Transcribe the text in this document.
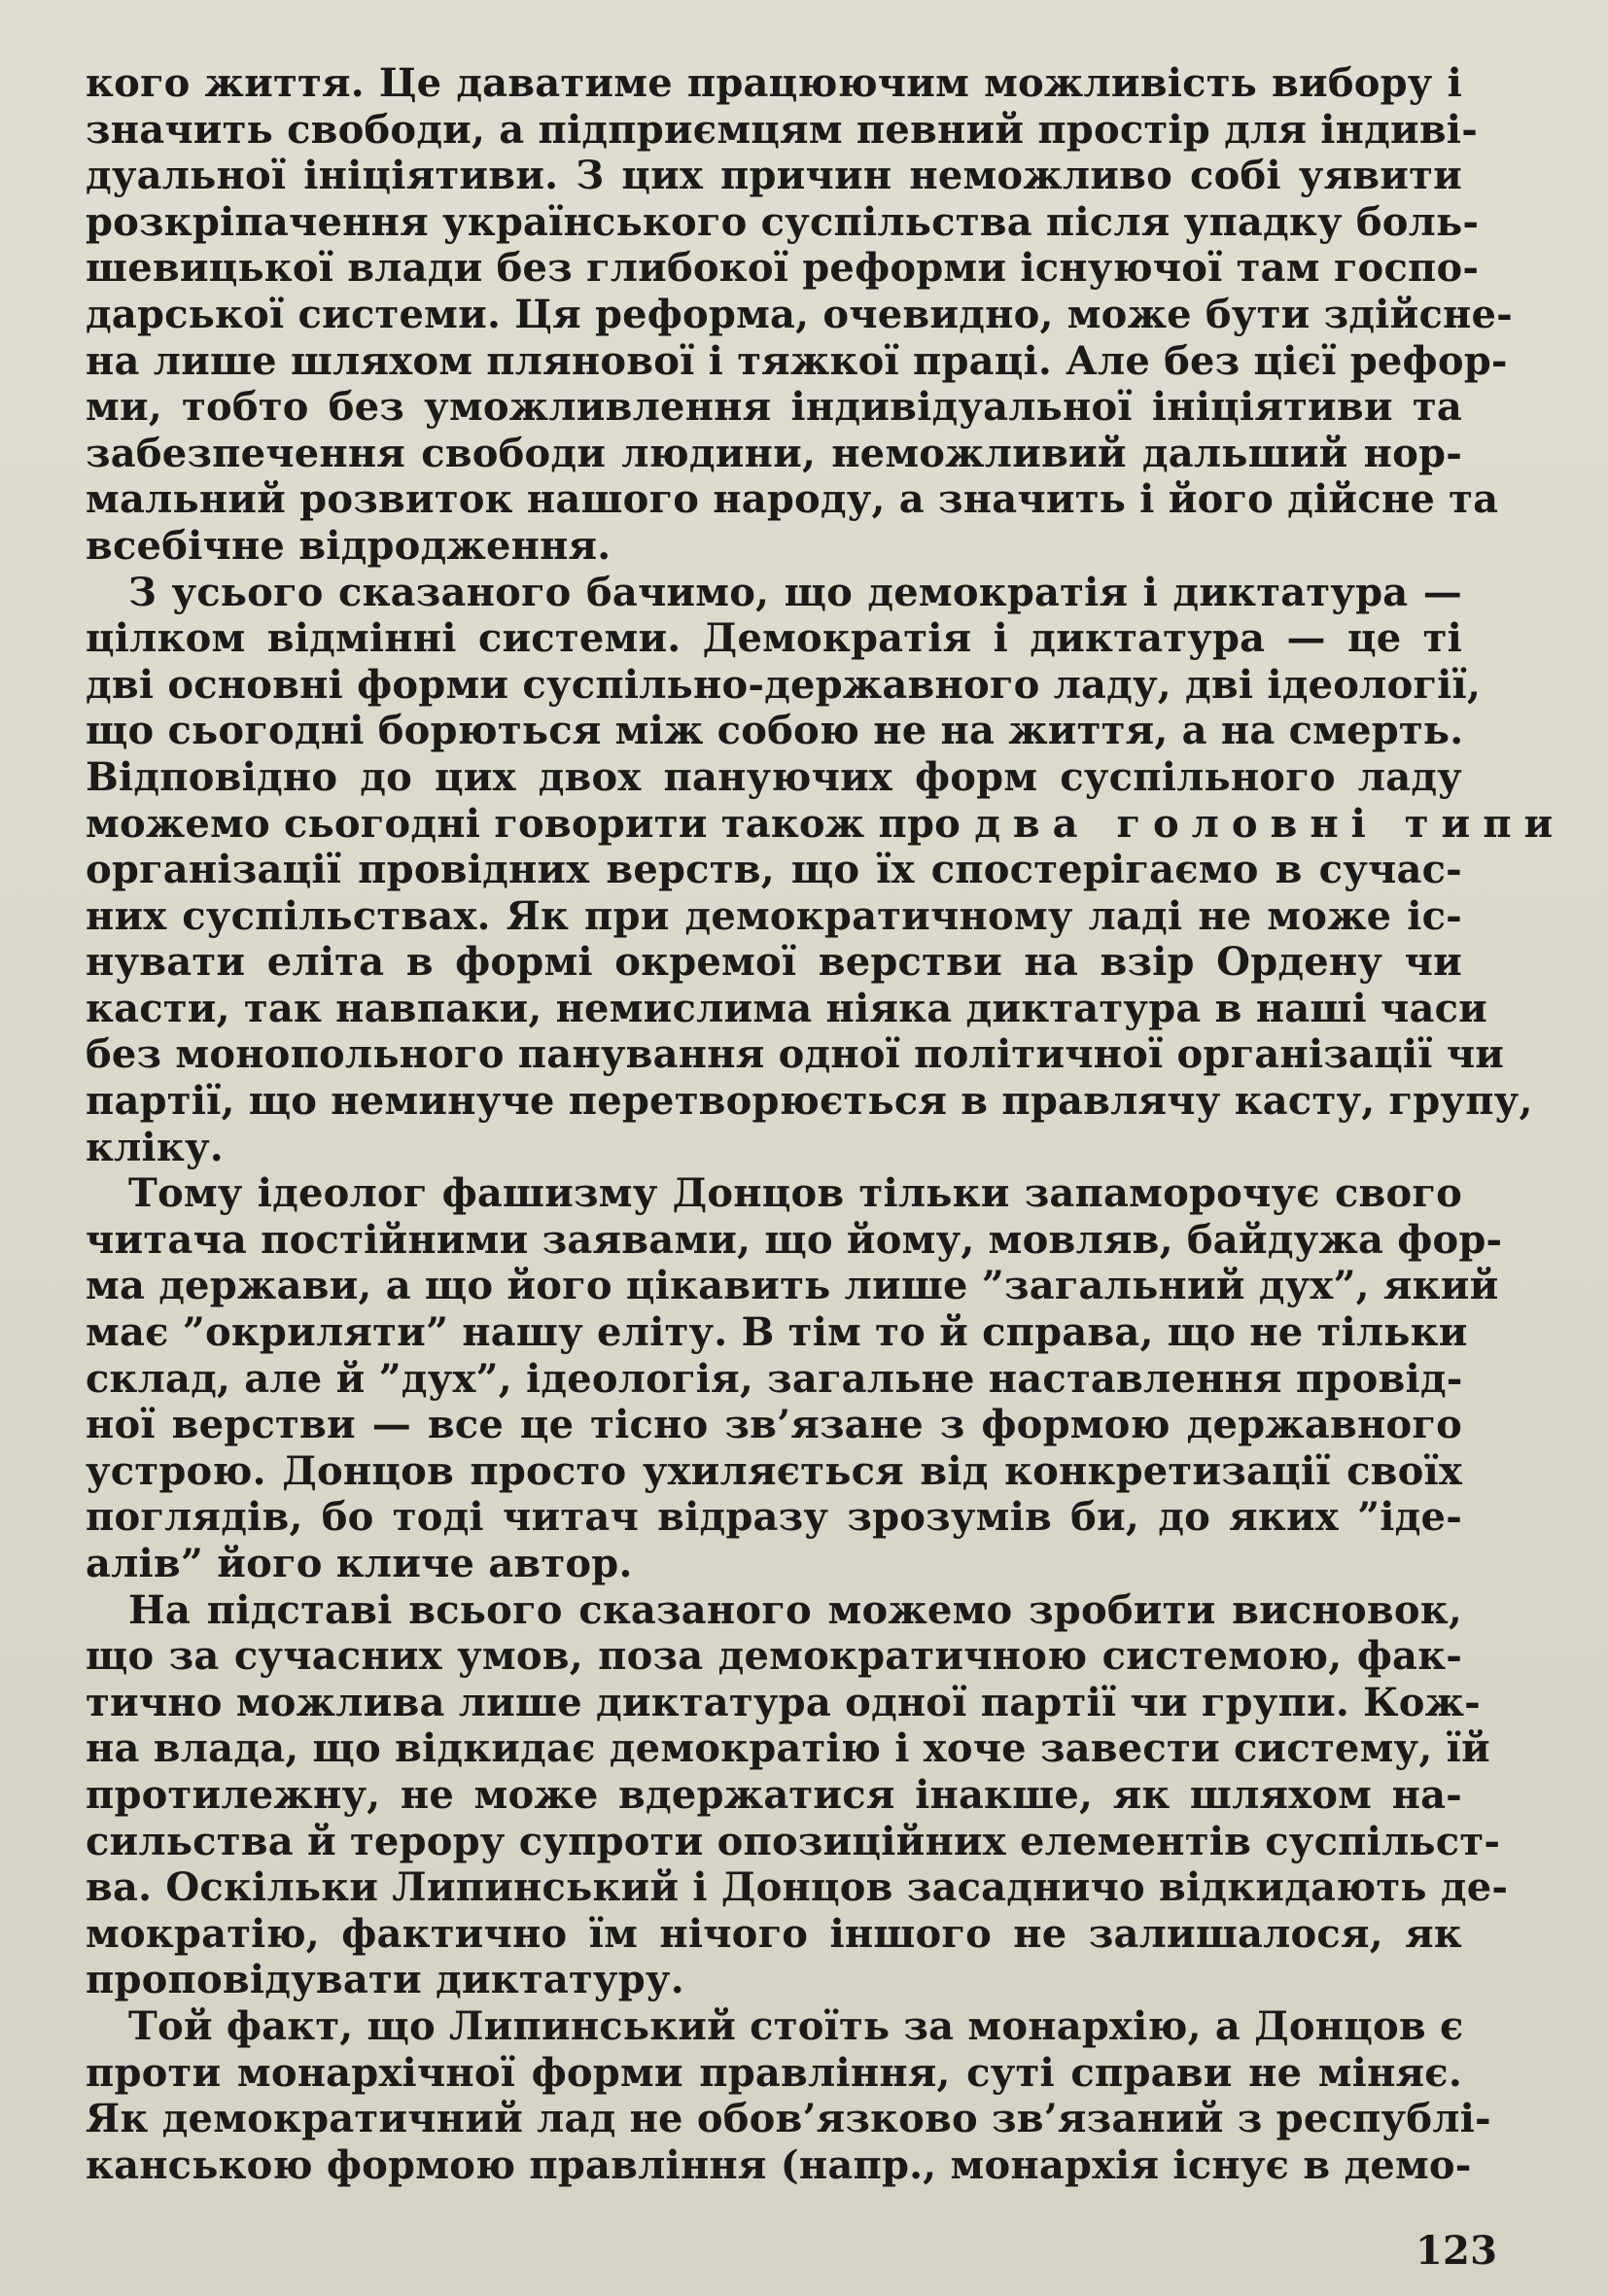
кого життя. Це даватиме працюючим можливість вибору і
значить свободи, а підприємцям певний простір для індиві-
дуальної ініціятиви. З цих причин неможливо собі уявити
розкріпачення українського суспільства після упадку боль-
шевицької влади без глибокої реформи існуючої там госпо-
дарської системи. Ця реформа, очевидно, може бути здійсне-
на лише шляхом плянової і тяжкої праці. Але без цієї рефор-
ми, тобто без уможливлення індивідуальної ініціятиви та
забезпечення свободи людини, неможливий дальший нор-
мальний розвиток нашого народу, а значить і його дійсне та
всебічне відродження.
З усього сказаного бачимо, що демократія і диктатура —
цілком відмінні системи. Демократія і диктатура — це ті
дві основні форми суспільно-державного ладу, дві ідеології,
що сьогодні борються між собою не на життя, а на смерть.
Відповідно до цих двох пануючих форм суспільного ладу
можемо сьогодні говорити також про два головні типи
організації провідних верств, що їх спостерігаємо в сучас-
них суспільствах. Як при демократичному ладі не може іс-
нувати еліта в формі окремої верстви на взір Ордену чи
касти, так навпаки, немислима ніяка диктатура в наші часи
без монопольного панування одної політичної організації чи
партії, що неминуче перетворюється в правлячу касту, групу,
кліку.
Тому ідеолог фашизму Донцов тільки запаморочує свого
читача постійними заявами, що йому, мовляв, байдужа фор-
ма держави, а що його цікавить лише ”загальний дух”, який
має ”окриляти” нашу еліту. В тім то й справа, що не тільки
склад, але й ”дух”, ідеологія, загальне наставлення провід-
ної верстви — все це тісно зв’язане з формою державного
устрою. Донцов просто ухиляється від конкретизації своїх
поглядів, бо тоді читач відразу зрозумів би, до яких ”іде-
алів” його кличе автор.
На підставі всього сказаного можемо зробити висновок,
що за сучасних умов, поза демократичною системою, фак-
тично можлива лише диктатура одної партії чи групи. Кож-
на влада, що відкидає демократію і хоче завести систему, їй
протилежну, не може вдержатися інакше, як шляхом на-
сильства й терору супроти опозиційних елементів суспільст-
ва. Оскільки Липинський і Донцов засадничо відкидають де-
мократію, фактично їм нічого іншого не залишалося, як
проповідувати диктатуру.
Той факт, що Липинський стоїть за монархію, а Донцов є
проти монархічної форми правління, суті справи не міняє.
Як демократичний лад не обов’язково зв’язаний з республі-
канською формою правління (напр., монархія існує в демо-
123
